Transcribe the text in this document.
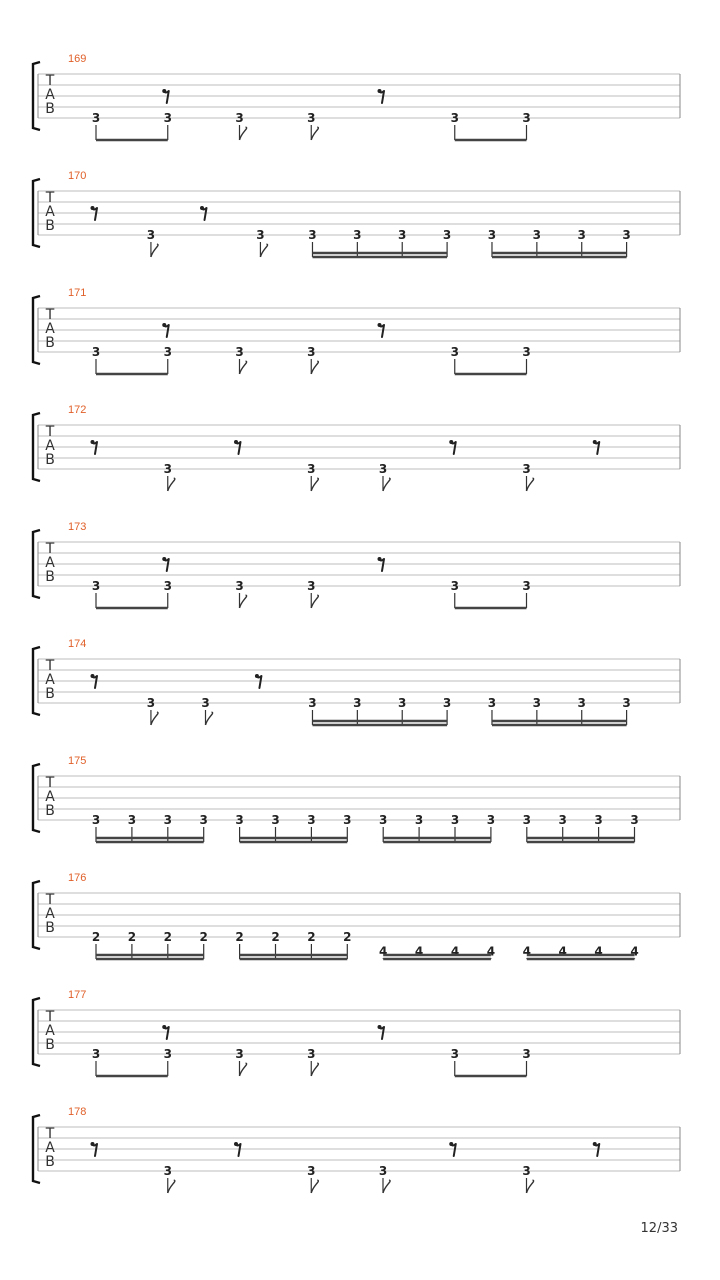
169
T
A
B
3	3	3	3	3	3
170
T
A
B
3	3	3	3	3	3	3	3	3	3
171
T
A
B
3	3	3	3	3	3
172
T
A
B
3	3	3	3
173
T
A
B
3	3	3	3	3	3
174
T
A
B
3	3	3	3	3	3	3	3	3	3
175
T
A
B
3 3 3 3 3 3 3 3 3 3 3 3 3 3 3 3
176
T
A
B
2 2 2 2 2 2 2 2
4 4 4 4 4 4 4 4
177
T
A
B
3	3	3	3	3	3
178
T
A
B
3	3	3	3
12/33
